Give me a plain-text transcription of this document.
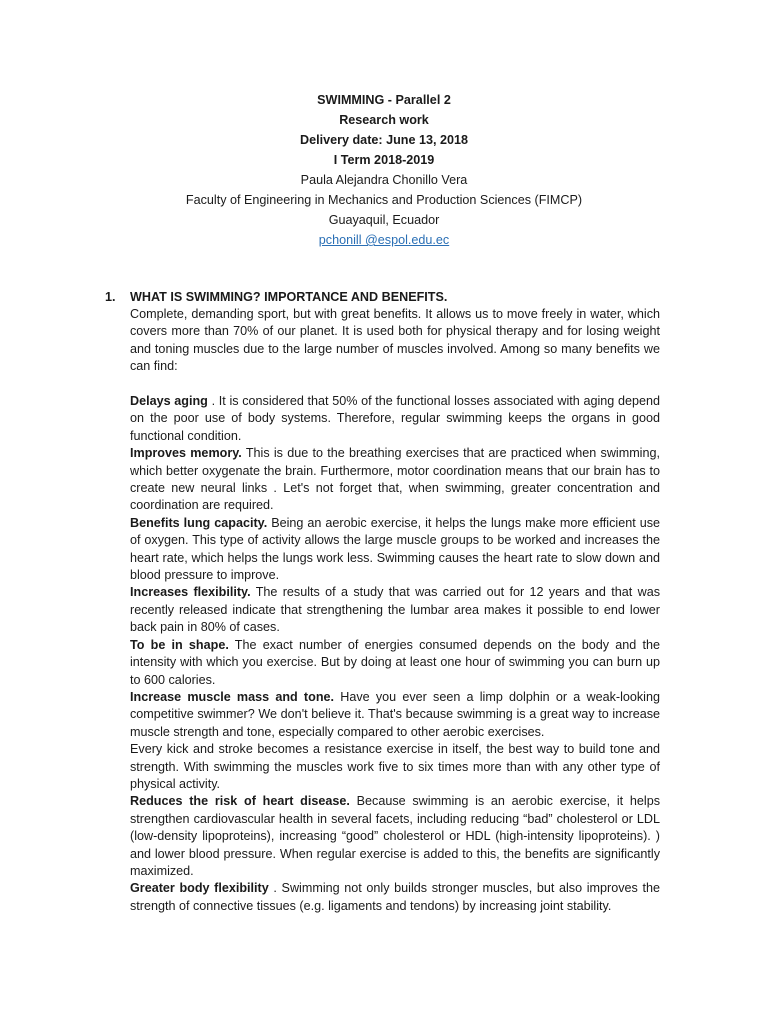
SWIMMING - Parallel 2
Research work
Delivery date: June 13, 2018
I Term 2018-2019
Paula Alejandra Chonillo Vera
Faculty of Engineering in Mechanics and Production Sciences (FIMCP)
Guayaquil, Ecuador
pchonill @espol.edu.ec
1. WHAT IS SWIMMING? IMPORTANCE AND BENEFITS.

Complete, demanding sport, but with great benefits. It allows us to move freely in water, which covers more than 70% of our planet. It is used both for physical therapy and for losing weight and toning muscles due to the large number of muscles involved. Among so many benefits we can find:

Delays aging . It is considered that 50% of the functional losses associated with aging depend on the poor use of body systems. Therefore, regular swimming keeps the organs in good functional condition.

Improves memory. This is due to the breathing exercises that are practiced when swimming, which better oxygenate the brain. Furthermore, motor coordination means that our brain has to create new neural links . Let's not forget that, when swimming, greater concentration and coordination are required.

Benefits lung capacity. Being an aerobic exercise, it helps the lungs make more efficient use of oxygen. This type of activity allows the large muscle groups to be worked and increases the heart rate, which helps the lungs work less. Swimming causes the heart rate to slow down and blood pressure to improve.

Increases flexibility. The results of a study that was carried out for 12 years and that was recently released indicate that strengthening the lumbar area makes it possible to end lower back pain in 80% of cases.

To be in shape. The exact number of energies consumed depends on the body and the intensity with which you exercise. But by doing at least one hour of swimming you can burn up to 600 calories.

Increase muscle mass and tone. Have you ever seen a limp dolphin or a weak-looking competitive swimmer? We don't believe it. That's because swimming is a great way to increase muscle strength and tone, especially compared to other aerobic exercises.

Every kick and stroke becomes a resistance exercise in itself, the best way to build tone and strength. With swimming the muscles work five to six times more than with any other type of physical activity.

Reduces the risk of heart disease. Because swimming is an aerobic exercise, it helps strengthen cardiovascular health in several facets, including reducing “bad” cholesterol or LDL (low-density lipoproteins), increasing “good” cholesterol or HDL (high-intensity lipoproteins). ) and lower blood pressure. When regular exercise is added to this, the benefits are significantly maximized.

Greater body flexibility . Swimming not only builds stronger muscles, but also improves the strength of connective tissues (e.g. ligaments and tendons) by increasing joint stability.
